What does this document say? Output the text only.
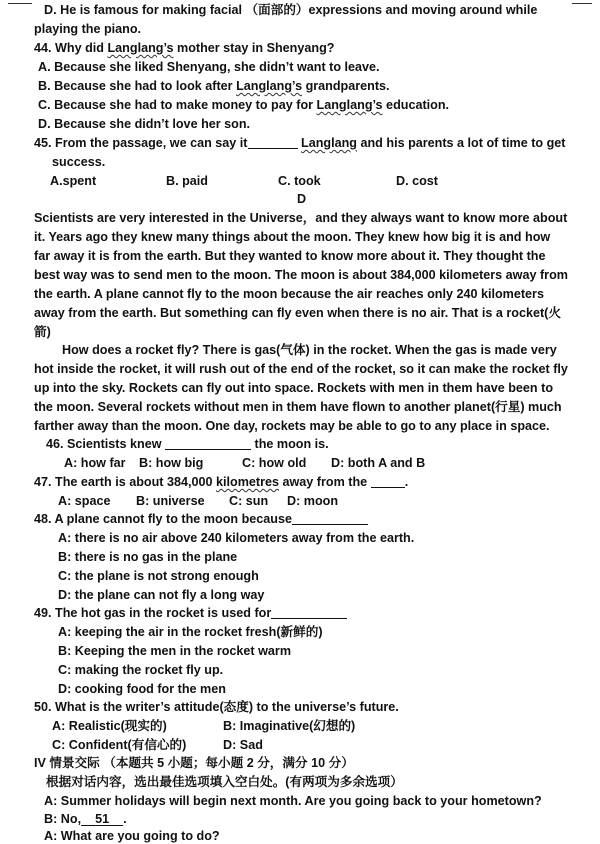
D. He is famous for making facial （面部的）expressions and moving around while
playing the piano.
44. Why did Langlang’s mother stay in Shenyang?
A. Because she liked Shenyang, she didn’t want to leave.
B. Because she had to look after Langlang’s grandparents.
C. Because she had to make money to pay for Langlang’s education.
D. Because she didn’t love her son.
45. From the passage, we can say it	Langlang and his parents a lot of time to get
success.
A.spent	B. paid	C. took	D. cost
D
Scientists are very interested in the Universe，and they always want to know more about
it. Years ago they knew many things about the moon. They knew how big it is and how
far away it is from the earth. But they wanted to know more about it. They thought the
best way was to send men to the moon. The moon is about 384,000 kilometers away from
the earth. A plane cannot fly to the moon because the air reaches only 240 kilometers
away from the earth. But something can fly even when there is no air. That is a rocket(火
箭)
How does a rocket fly? There is gas(气体) in the rocket. When the gas is made very
hot inside the rocket, it will rush out of the end of the rocket, so it can make the rocket fly
up into the sky. Rockets can fly out into space. Rockets with men in them have been to
the moon. Several rockets without men in them have flown to another planet(行星) much
farther away than the moon. One day, rockets may be able to go to any place in space.
46. Scientists knew	the moon is.
A: how far B: how big	C: how old D: both A and B
47. The earth is about 384,000 kilometres away from the	.
A: space B: universe C: sun D: moon
48. A plane cannot fly to the moon because
A: there is no air above 240 kilometers away from the earth.
B: there is no gas in the plane
C: the plane is not strong enough
D: the plane can not fly a long way
49. The hot gas in the rocket is used for
A: keeping the air in the rocket fresh(新鲜的)
B: Keeping the men in the rocket warm
C: making the rocket fly up.
D: cooking food for the men
50. What is the writer’s attitude(态度) to the universe’s future.
A: Realistic(现实的)	B: Imaginative(幻想的)
C: Confident(有信心的)	D: Sad
IV 情景交际 （本题共 5 小题；每小题 2 分，满分 10 分）
根据对话内容，选出最佳选项填入空白处。(有两项为多余选项）
A: Summer holidays will begin next month. Are you going back to your hometown?
B: No, 51 .
A: What are you going to do?
